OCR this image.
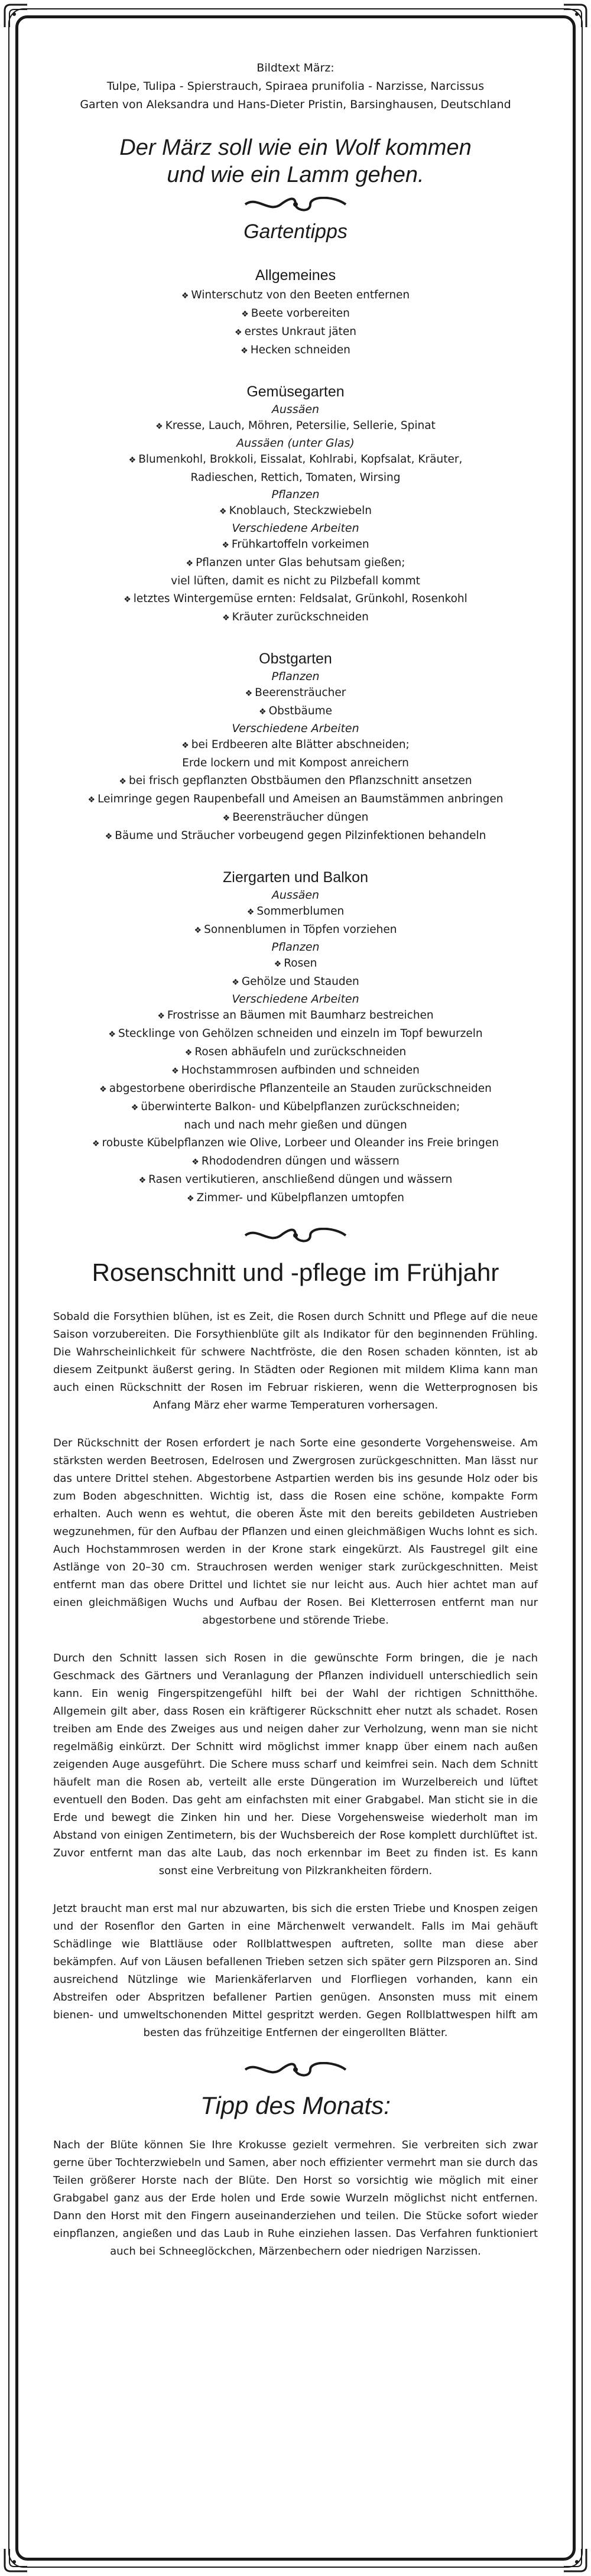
Bildtext März:

Tulpe, Tulipa - Spierstrauch, Spiraea prunifolia - Narzisse, Narcissus

Garten von Aleksandra und Hans-Dieter Pristin, Barsinghausen, Deutschland

Der März soll wie ein Wolf kommen
und wie ein Lamm gehen.
Gartentipps
Allgemeines

❖ Winterschutz von den Beeten entfernen

❖ Beete vorbereiten

❖ erstes Unkraut jäten

❖ Hecken schneiden

Gemüsegarten
Aussäen

❖ Kresse, Lauch, Möhren, Petersilie, Sellerie, Spinat

Aussäen (unter Glas)

❖ Blumenkohl, Brokkoli, Eissalat, Kohlrabi, Kopfsalat, Kräuter,

Radieschen, Rettich, Tomaten, Wirsing

Pflanzen

❖ Knoblauch, Steckzwiebeln

Verschiedene Arbeiten

❖ Frühkartoffeln vorkeimen

❖ Pflanzen unter Glas behutsam gießen;

viel lüften, damit es nicht zu Pilzbefall kommt

❖ letztes Wintergemüse ernten: Feldsalat, Grünkohl, Rosenkohl

❖ Kräuter zurückschneiden

Obstgarten
Pflanzen

❖ Beerensträucher

❖ Obstbäume

Verschiedene Arbeiten

❖ bei Erdbeeren alte Blätter abschneiden;

Erde lockern und mit Kompost anreichern

❖ bei frisch gepflanzten Obstbäumen den Pflanzschnitt ansetzen

❖ Leimringe gegen Raupenbefall und Ameisen an Baumstämmen anbringen

❖ Beerensträucher düngen

❖ Bäume und Sträucher vorbeugend gegen Pilzinfektionen behandeln

Ziergarten und Balkon
Aussäen

❖ Sommerblumen

❖ Sonnenblumen in Töpfen vorziehen

Pflanzen

❖ Rosen

❖ Gehölze und Stauden

Verschiedene Arbeiten

❖ Frostrisse an Bäumen mit Baumharz bestreichen

❖ Stecklinge von Gehölzen schneiden und einzeln im Topf bewurzeln

❖ Rosen abhäufeln und zurückschneiden

❖ Hochstammrosen aufbinden und schneiden

❖ abgestorbene oberirdische Pflanzenteile an Stauden zurückschneiden

❖ überwinterte Balkon- und Kübelpflanzen zurückschneiden;

nach und nach mehr gießen und düngen

❖ robuste Kübelpflanzen wie Olive, Lorbeer und Oleander ins Freie bringen

❖ Rhododendren düngen und wässern

❖ Rasen vertikutieren, anschließend düngen und wässern

❖ Zimmer- und Kübelpflanzen umtopfen

Rosenschnitt und -pflege im Frühjahr

Sobald die Forsythien blühen, ist es Zeit, die Rosen durch Schnitt und Pflege auf die neue Saison vorzubereiten. Die Forsythienblüte gilt als Indikator für den beginnenden Frühling. Die Wahrscheinlichkeit für schwere Nachtfröste, die den Rosen schaden könnten, ist ab diesem Zeitpunkt äußerst gering. In Städten oder Regionen mit mildem Klima kann man auch einen Rückschnitt der Rosen im Februar riskieren, wenn die Wetterprognosen bis Anfang März eher warme Temperaturen vorhersagen.

Der Rückschnitt der Rosen erfordert je nach Sorte eine gesonderte Vorgehensweise. Am stärksten werden Beetrosen, Edelrosen und Zwergrosen zurückgeschnitten. Man lässt nur das untere Drittel stehen. Abgestorbene Astpartien werden bis ins gesunde Holz oder bis zum Boden abgeschnitten. Wichtig ist, dass die Rosen eine schöne, kompakte Form erhalten. Auch wenn es wehtut, die oberen Äste mit den bereits gebildeten Austrieben wegzunehmen, für den Aufbau der Pflanzen und einen gleichmäßigen Wuchs lohnt es sich. Auch Hochstammrosen werden in der Krone stark eingekürzt. Als Faustregel gilt eine Astlänge von 20–30 cm. Strauchrosen werden weniger stark zurückgeschnitten. Meist entfernt man das obere Drittel und lichtet sie nur leicht aus. Auch hier achtet man auf einen gleichmäßigen Wuchs und Aufbau der Rosen. Bei Kletterrosen entfernt man nur abgestorbene und störende Triebe.

Durch den Schnitt lassen sich Rosen in die gewünschte Form bringen, die je nach Geschmack des Gärtners und Veranlagung der Pflanzen individuell unterschiedlich sein kann. Ein wenig Fingerspitzengefühl hilft bei der Wahl der richtigen Schnitthöhe. Allgemein gilt aber, dass Rosen ein kräftigerer Rückschnitt eher nutzt als schadet. Rosen treiben am Ende des Zweiges aus und neigen daher zur Verholzung, wenn man sie nicht regelmäßig einkürzt. Der Schnitt wird möglichst immer knapp über einem nach außen zeigenden Auge ausgeführt. Die Schere muss scharf und keimfrei sein. Nach dem Schnitt häufelt man die Rosen ab, verteilt alle erste Düngeration im Wurzelbereich und lüftet eventuell den Boden. Das geht am einfachsten mit einer Grabgabel. Man sticht sie in die Erde und bewegt die Zinken hin und her. Diese Vorgehensweise wiederholt man im Abstand von einigen Zentimetern, bis der Wuchsbereich der Rose komplett durchlüftet ist. Zuvor entfernt man das alte Laub, das noch erkennbar im Beet zu finden ist. Es kann sonst eine Verbreitung von Pilzkrankheiten fördern.

Jetzt braucht man erst mal nur abzuwarten, bis sich die ersten Triebe und Knospen zeigen und der Rosenflor den Garten in eine Märchenwelt verwandelt. Falls im Mai gehäuft Schädlinge wie Blattläuse oder Rollblattwespen auftreten, sollte man diese aber bekämpfen. Auf von Läusen befallenen Trieben setzen sich später gern Pilzsporen an. Sind ausreichend Nützlinge wie Marienkäferlarven und Florfliegen vorhanden, kann ein Abstreifen oder Abspritzen befallener Partien genügen. Ansonsten muss mit einem bienen- und umweltschonenden Mittel gespritzt werden. Gegen Rollblattwespen hilft am besten das frühzeitige Entfernen der eingerollten Blätter.

Tipp des Monats:

Nach der Blüte können Sie Ihre Krokusse gezielt vermehren. Sie verbreiten sich zwar gerne über Tochterzwiebeln und Samen, aber noch effizienter vermehrt man sie durch das Teilen größerer Horste nach der Blüte. Den Horst so vorsichtig wie möglich mit einer Grabgabel ganz aus der Erde holen und Erde sowie Wurzeln möglichst nicht entfernen. Dann den Horst mit den Fingern auseinanderziehen und teilen. Die Stücke sofort wieder einpflanzen, angießen und das Laub in Ruhe einziehen lassen. Das Verfahren funktioniert auch bei Schneeglöckchen, Märzenbechern oder niedrigen Narzissen.
